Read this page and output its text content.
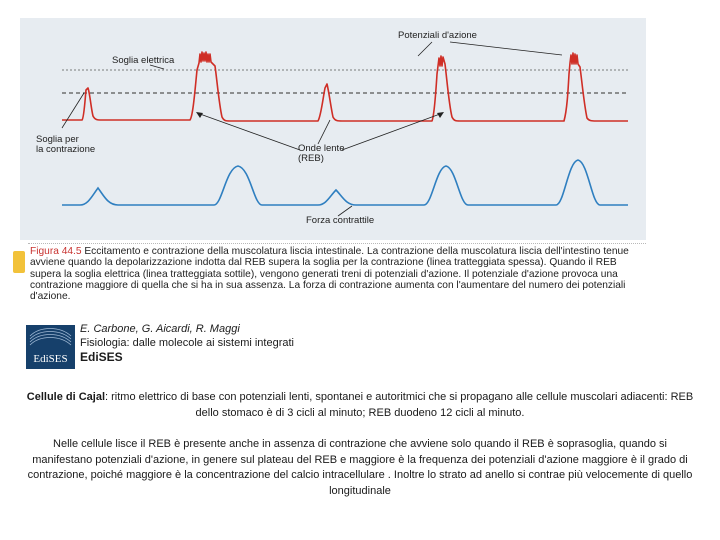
Soglia elettrica
Potenziali d'azione
Soglia per la contrazione	Onde lente (REB)
Forza contrattile
Figura 44.5 Eccitamento e contrazione della muscolatura liscia intestinale. La contrazione della muscolatura liscia dell'intestino tenue avviene quando la depolarizzazione indotta dal REB supera la soglia per la contrazione (linea tratteggiata spessa). Quando il REB supera la soglia elettrica (linea tratteggiata sottile), vengono generati treni di potenziali d'azione. Il potenziale d'azione provoca una contrazione maggiore di quella che si ha in sua assenza. La forza di contrazione aumenta con l'aumentare del numero dei potenziali d'azione.
EdiSES
E. Carbone, G. Aicardi, R. Maggi
Fisiologia: dalle molecole ai sistemi integrati
EdiSES
Cellule di Cajal: ritmo elettrico di base con potenziali lenti, spontanei e autoritmici che si propagano alle cellule muscolari adiacenti: REB dello stomaco è di 3 cicli al minuto; REB duodeno 12 cicli al minuto.
Nelle cellule lisce il REB è presente anche in assenza di contrazione che avviene solo quando il REB è soprasoglia, quando si manifestano potenziali d'azione, in genere sul plateau del REB e maggiore è la frequenza dei potenziali d'azione maggiore è il grado di contrazione, poiché maggiore è la concentrazione del calcio intracellulare . Inoltre lo strato ad anello si contrae più velocemente di quello longitudinale
